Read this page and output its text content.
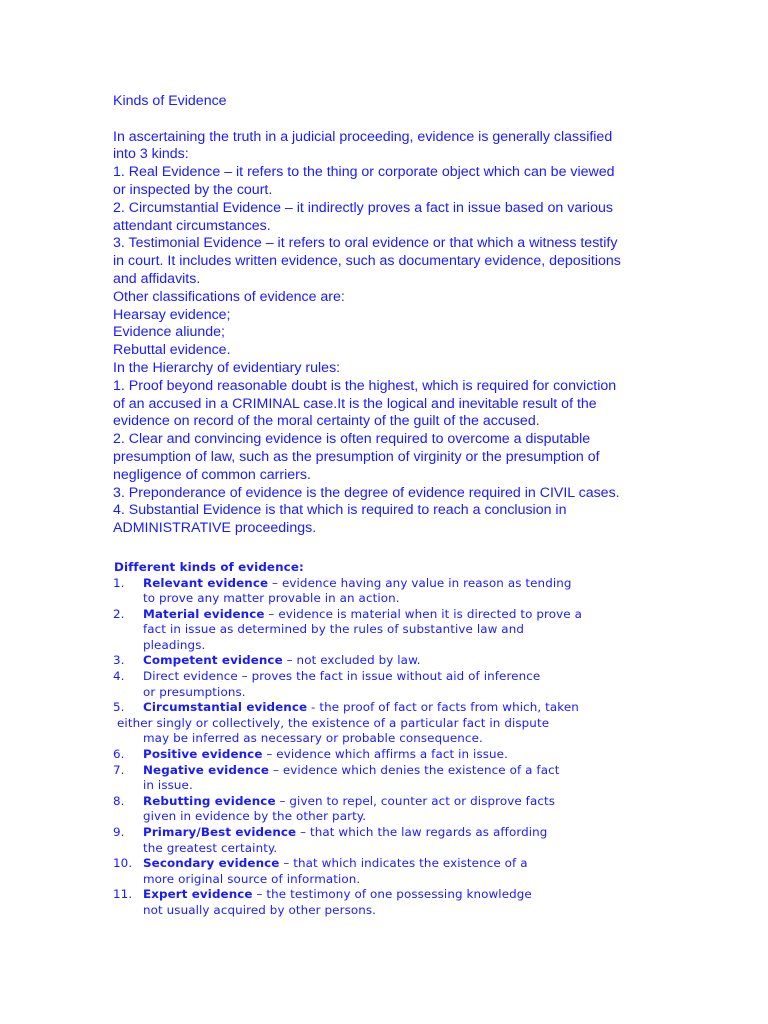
Kinds of Evidence

In ascertaining the truth in a judicial proceeding, evidence is generally classified

into 3 kinds:

1. Real Evidence – it refers to the thing or corporate object which can be viewed

or inspected by the court.

2. Circumstantial Evidence – it indirectly proves a fact in issue based on various

attendant circumstances.

3. Testimonial Evidence – it refers to oral evidence or that which a witness testify

in court. It includes written evidence, such as documentary evidence, depositions

and affidavits.

Other classifications of evidence are:

Hearsay evidence;

Evidence aliunde;

Rebuttal evidence.

In the Hierarchy of evidentiary rules:

1. Proof beyond reasonable doubt is the highest, which is required for conviction

of an accused in a CRIMINAL case.It is the logical and inevitable result of the

evidence on record of the moral certainty of the guilt of the accused.

2. Clear and convincing evidence is often required to overcome a disputable

presumption of law, such as the presumption of virginity or the presumption of

negligence of common carriers.

3. Preponderance of evidence is the degree of evidence required in CIVIL cases.

4. Substantial Evidence is that which is required to reach a conclusion in

ADMINISTRATIVE proceedings.

Different kinds of evidence:

1. Relevant evidence – evidence having any value in reason as tending
to prove any matter provable in an action.
2. Material evidence – evidence is material when it is directed to prove a
fact in issue as determined by the rules of substantive law and
pleadings.
3. Competent evidence – not excluded by law.
4. Direct evidence – proves the fact in issue without aid of inference
or presumptions.
5. Circumstantial evidence - the proof of fact or facts from which, taken
either singly or collectively, the existence of a particular fact in dispute
may be inferred as necessary or probable consequence.
6. Positive evidence – evidence which affirms a fact in issue.
7. Negative evidence – evidence which denies the existence of a fact
in issue.
8. Rebutting evidence – given to repel, counter act or disprove facts
given in evidence by the other party.
9. Primary/Best evidence – that which the law regards as affording
the greatest certainty.
10. Secondary evidence – that which indicates the existence of a
more original source of information.
11. Expert evidence – the testimony of one possessing knowledge
not usually acquired by other persons.
